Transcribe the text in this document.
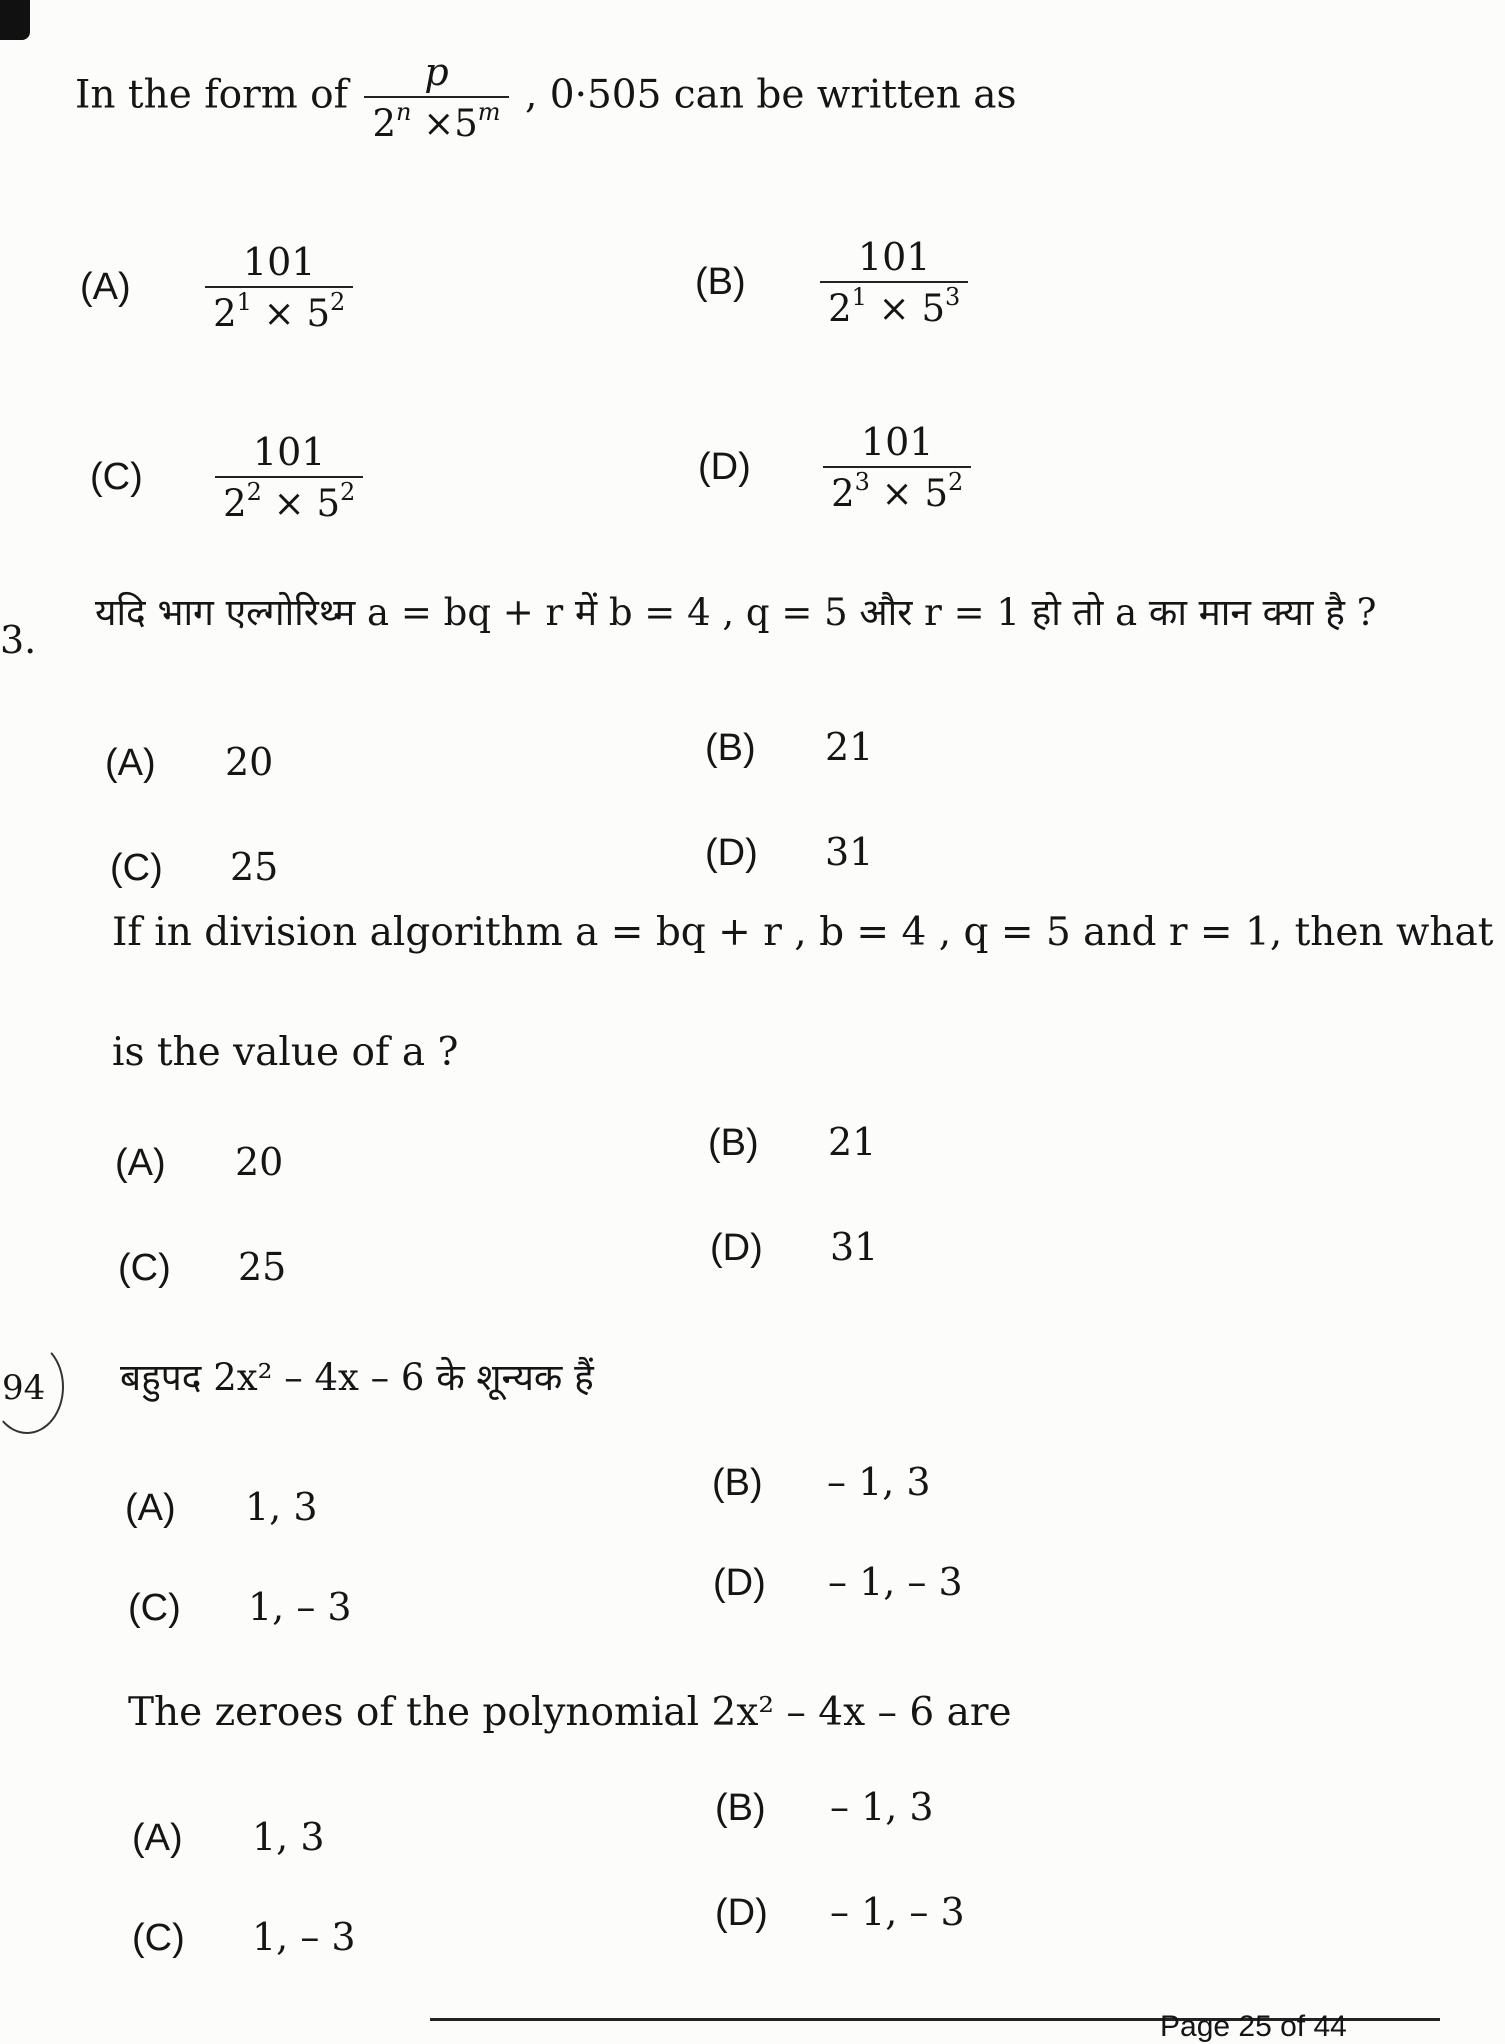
In the form of $\frac{p}{2^n \times 5^m}$ , 0·505 can be written as
$(A) \frac{101}{2^1 \times 5^2}$	$(B) \frac{101}{2^1 \times 5^3}$
$(C) \frac{101}{2^2 \times 5^2}$	$(D) \frac{101}{2^3 \times 5^2}$
3.
यदि भाग एल्गोरिथ्म a = bq + r में b = 4 , q = 5 और r = 1 हो तो a का मान क्या है ?
(A) 20	(B) 21
(C) 25	(D) 31
If in division algorithm a = bq + r , b = 4 , q = 5 and r = 1, then what
is the value of a ?
(A) 20	(B) 21
(C) 25	(D) 31
94 बहुपद 2x² – 4x – 6 के शून्यक हैं
(A) 1, 3
(B) – 1, 3
(C) 1, – 3
(D) – 1, – 3
The zeroes of the polynomial 2x² – 4x – 6 are
(A) 1, 3
(B) – 1, 3
(C) 1, – 3
(D) – 1, – 3
Page 25 of 44
